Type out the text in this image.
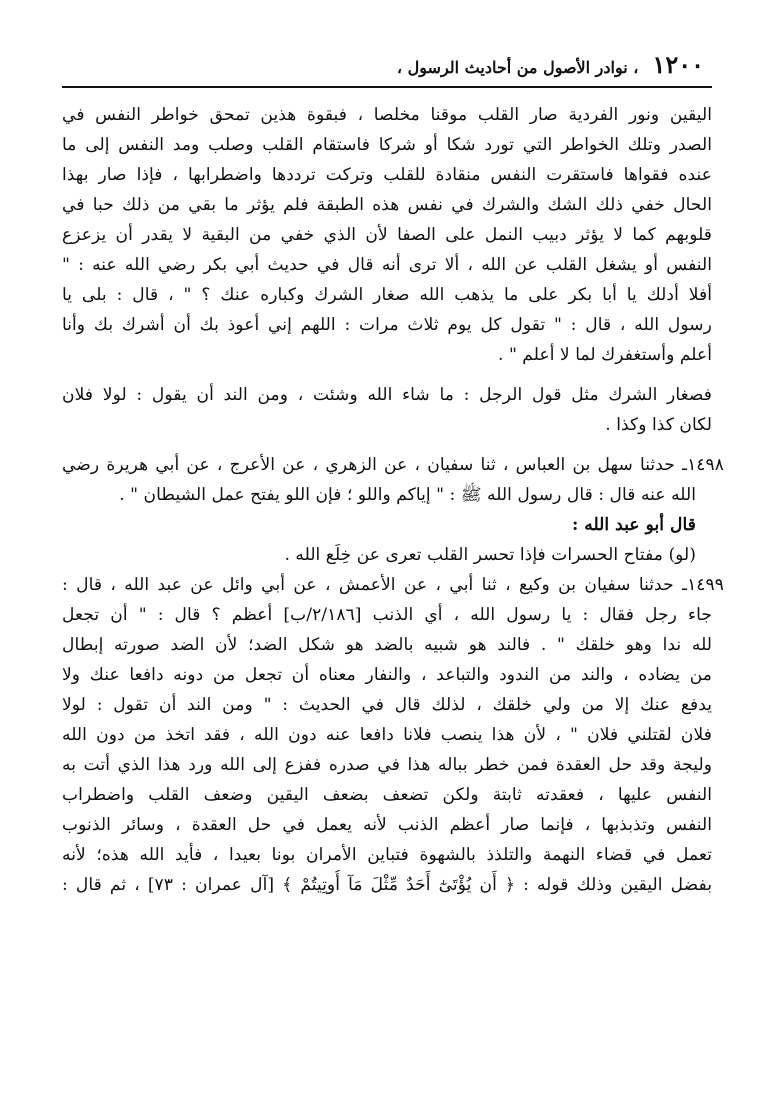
١٢٠٠
، نوادر الأصول من أحاديث الرسول ،
اليقين ونور الفردية صار القلب موقنا مخلصا ، فبقوة هذين تمحق خواطر النفس في
الصدر وتلك الخواطر التي تورد شكا أو شركا فاستقام القلب وصلب ومد النفس إلى ما
عنده فقواها فاستقرت النفس منقادة للقلب وتركت ترددها واضطرابها ، فإذا صار بهذا
الحال خفي ذلك الشك والشرك في نفس هذه الطبقة فلم يؤثر ما بقي من ذلك حبا في
قلوبهم كما لا يؤثر دبيب النمل على الصفا لأن الذي خفي من البقية لا يقدر أن يزعزع
النفس أو يشغل القلب عن الله ، ألا ترى أنه قال في حديث أبي بكر رضي الله عنه : "
أفلا أدلك يا أبا بكر على ما يذهب الله صغار الشرك وكباره عنك ؟ " ، قال : بلى يا
رسول الله ، قال : " تقول كل يوم ثلاث مرات : اللهم إني أعوذ بك أن أشرك بك وأنا
أعلم وأستغفرك لما لا أعلم " .
فصغار الشرك مثل قول الرجل : ما شاء الله وشئت ، ومن الند أن يقول : لولا فلان
لكان كذا وكذا .
١٤٩٨ـ حدثنا سهل بن العباس ، ثنا سفيان ، عن الزهري ، عن الأعرج ، عن أبي هريرة رضي
الله عنه قال : قال رسول الله ﷺ : " إياكم واللو ؛ فإن اللو يفتح عمل الشيطان " .
قال أبو عبد الله :
(لو) مفتاح الحسرات فإذا تحسر القلب تعرى عن خِلَع الله .
١٤٩٩ـ حدثنا سفيان بن وكيع ، ثنا أبي ، عن الأعمش ، عن أبي وائل عن عبد الله ، قال :
جاء رجل فقال : يا رسول الله ، أي الذنب [٢/١٨٦/ب] أعظم ؟ قال : " أن تجعل
لله ندا وهو خلقك " . فالند هو شبيه بالضد هو شكل الضد؛ لأن الضد صورته إبطال
من يضاده ، والند من الندود والتباعد ، والنفار معناه أن تجعل من دونه دافعا عنك ولا
يدفع عنك إلا من ولي خلقك ، لذلك قال في الحديث : " ومن الند أن تقول : لولا
فلان لقتلني فلان " ، لأن هذا ينصب فلانا دافعا عنه دون الله ، فقد اتخذ من دون الله
وليجة وقد حل العقدة فمن خطر بباله هذا في صدره ففزع إلى الله ورد هذا الذي أتت به
النفس عليها ، فعقدته ثابتة ولكن تضعف بضعف اليقين وضعف القلب واضطراب
النفس وتذبذبها ، فإنما صار أعظم الذنب لأنه يعمل في حل العقدة ، وسائر الذنوب
تعمل في قضاء النهمة والتلذذ بالشهوة فتباين الأمران بونا بعيدا ، فأيد الله هذه؛ لأنه
بفضل اليقين وذلك قوله : ﴿ أَن يُؤْتَىٰٓ أَحَدٌ مِّثْلَ مَآ أُوتِيتُمْ ﴾ [آل عمران : ٧٣] ، ثم قال :
